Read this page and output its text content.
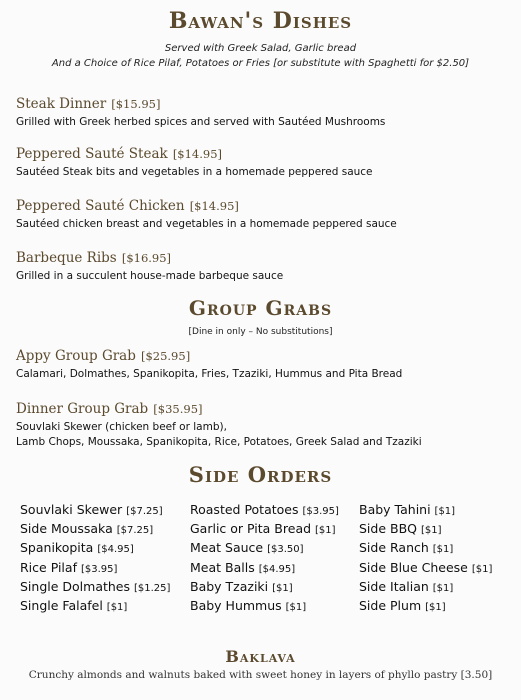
Bawan's Dishes
Served with Greek Salad, Garlic bread
And a Choice of Rice Pilaf, Potatoes or Fries [or substitute with Spaghetti for $2.50]
Steak Dinner [$15.95]
Grilled with Greek herbed spices and served with Sautéed Mushrooms
Peppered Sauté Steak [$14.95]
Sautéed Steak bits and vegetables in a homemade peppered sauce
Peppered Sauté Chicken [$14.95]
Sautéed chicken breast and vegetables in a homemade peppered sauce
Barbeque Ribs [$16.95]
Grilled in a succulent house-made barbeque sauce
Group Grabs
[Dine in only – No substitutions]
Appy Group Grab [$25.95]
Calamari, Dolmathes, Spanikopita, Fries, Tzaziki, Hummus and Pita Bread
Dinner Group Grab [$35.95]
Souvlaki Skewer (chicken beef or lamb),
Lamb Chops, Moussaka, Spanikopita, Rice, Potatoes, Greek Salad and Tzaziki
Side Orders
Souvlaki Skewer [$7.25]
Side Moussaka [$7.25]
Spanikopita [$4.95]
Rice Pilaf [$3.95]
Single Dolmathes [$1.25]
Single Falafel [$1]
Roasted Potatoes [$3.95]
Garlic or Pita Bread [$1]
Meat Sauce [$3.50]
Meat Balls [$4.95]
Baby Tzaziki [$1]
Baby Hummus [$1]
Baby Tahini [$1]
Side BBQ [$1]
Side Ranch [$1]
Side Blue Cheese [$1]
Side Italian [$1]
Side Plum [$1]
Baklava
Crunchy almonds and walnuts baked with sweet honey in layers of phyllo pastry [3.50]
